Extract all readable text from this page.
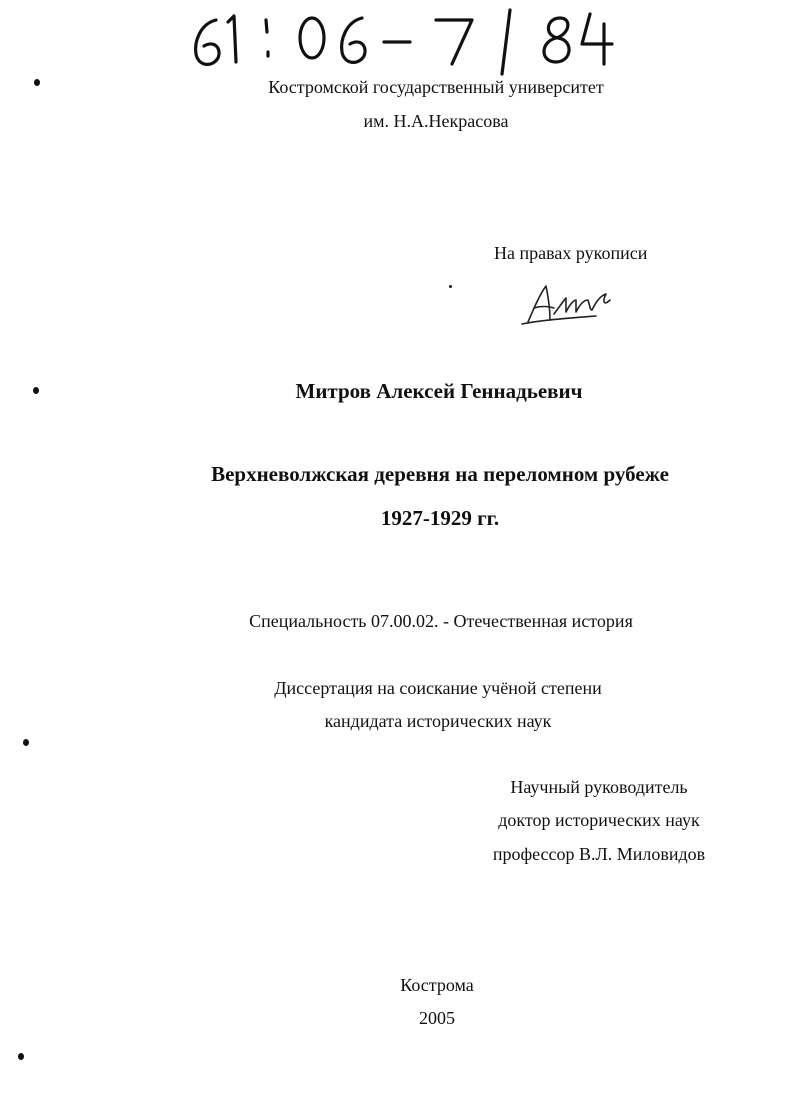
Костромской государственный университет
им. Н.А.Некрасова
На правах рукописи
Митров Алексей Геннадьевич
Верхневолжская деревня на переломном рубеже
1927-1929 гг.
Специальность 07.00.02. - Отечественная история
Диссертация на соискание учёной степени
кандидата исторических наук
Научный руководитель
доктор исторических наук
профессор В.Л. Миловидов
Кострома
2005
